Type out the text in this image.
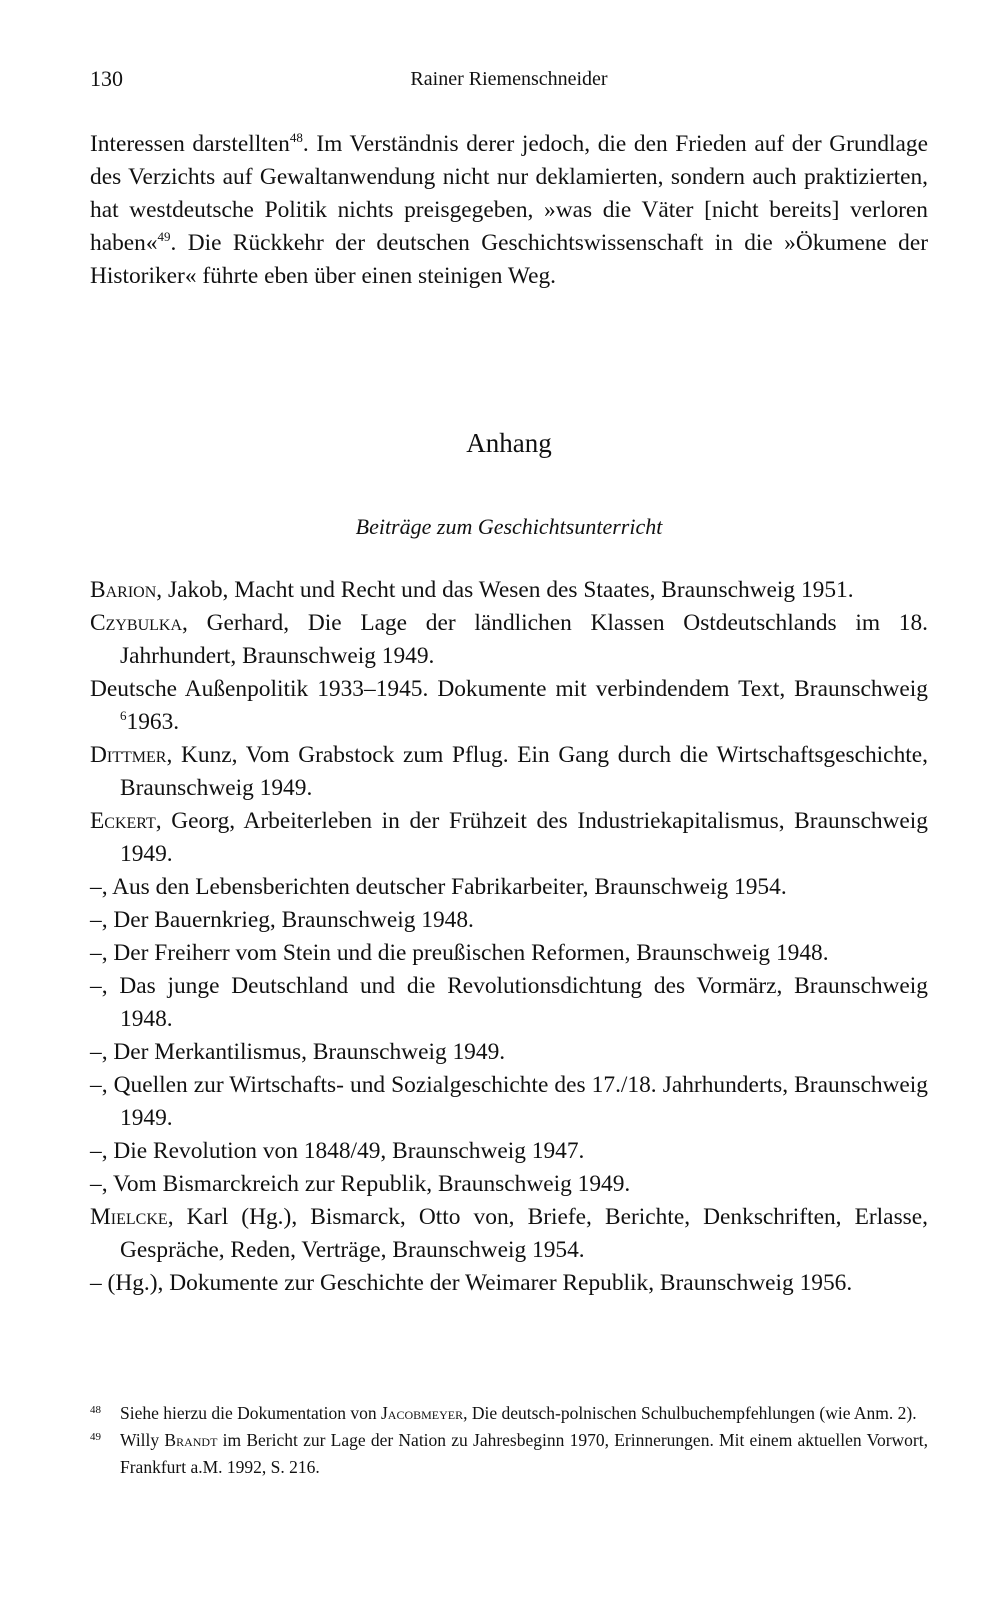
130	Rainer Riemenschneider

Interessen darstellten$^{48}$. Im Verständnis derer jedoch, die den Frieden auf der Grundlage des Verzichts auf Gewaltanwendung nicht nur deklamierten, sondern auch praktizierten, hat westdeutsche Politik nichts preisgegeben, »was die Väter [nicht bereits] verloren haben«$^{49}$. Die Rückkehr der deutschen Geschichtswissenschaft in die »Ökumene der Historiker« führte eben über einen steinigen Weg.

Anhang
Beiträge zum Geschichtsunterricht
Barion, Jakob, Macht und Recht und das Wesen des Staates, Braunschweig 1951.
Czybulka, Gerhard, Die Lage der ländlichen Klassen Ostdeutschlands im 18. Jahrhundert, Braunschweig 1949.
Deutsche Außenpolitik 1933–1945. Dokumente mit verbindendem Text, Braunschweig $^6$1963.
Dittmer, Kunz, Vom Grabstock zum Pflug. Ein Gang durch die Wirtschaftsgeschichte, Braunschweig 1949.
Eckert, Georg, Arbeiterleben in der Frühzeit des Industriekapitalismus, Braunschweig 1949.
–, Aus den Lebensberichten deutscher Fabrikarbeiter, Braunschweig 1954.
–, Der Bauernkrieg, Braunschweig 1948.
–, Der Freiherr vom Stein und die preußischen Reformen, Braunschweig 1948.
–, Das junge Deutschland und die Revolutionsdichtung des Vormärz, Braunschweig 1948.
–, Der Merkantilismus, Braunschweig 1949.
–, Quellen zur Wirtschafts- und Sozialgeschichte des 17./18. Jahrhunderts, Braunschweig 1949.
–, Die Revolution von 1848/49, Braunschweig 1947.
–, Vom Bismarckreich zur Republik, Braunschweig 1949.
Mielcke, Karl (Hg.), Bismarck, Otto von, Briefe, Berichte, Denkschriften, Erlasse, Gespräche, Reden, Verträge, Braunschweig 1954.
– (Hg.), Dokumente zur Geschichte der Weimarer Republik, Braunschweig 1956.
48 Siehe hierzu die Dokumentation von Jacobmeyer, Die deutsch-polnischen Schulbuchempfehlungen (wie Anm. 2).
49 Willy Brandt im Bericht zur Lage der Nation zu Jahresbeginn 1970, Erinnerungen. Mit einem aktuellen Vorwort, Frankfurt a.M. 1992, S. 216.
